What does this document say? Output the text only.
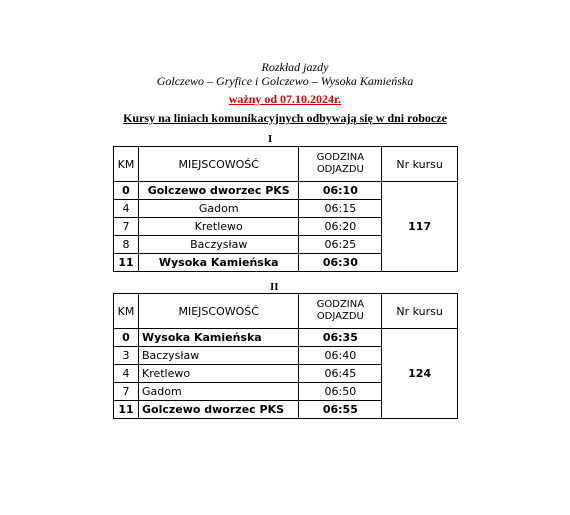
Rozkład jazdy
Golczewo – Gryfice i Golczewo – Wysoka Kamieńska
ważny od 07.10.2024r.
Kursy na liniach komunikacyjnych odbywają się w dni robocze
I
KM	MIEJSCOWOŚĆ	GODZINA ODJAZDU	Nr kursu
0	Golczewo dworzec PKS	06:10	117
4	Gadom	06:15	
7	Kretlewo	06:20	
8	Baczysław	06:25	
11	Wysoka Kamieńska	06:30	
II
KM	MIEJSCOWOŚĆ	GODZINA ODJAZDU	Nr kursu
0	Wysoka Kamieńska	06:35	124
3	Baczysław	06:40	
4	Kretlewo	06:45	
7	Gadom	06:50	
11	Golczewo dworzec PKS	06:55	
